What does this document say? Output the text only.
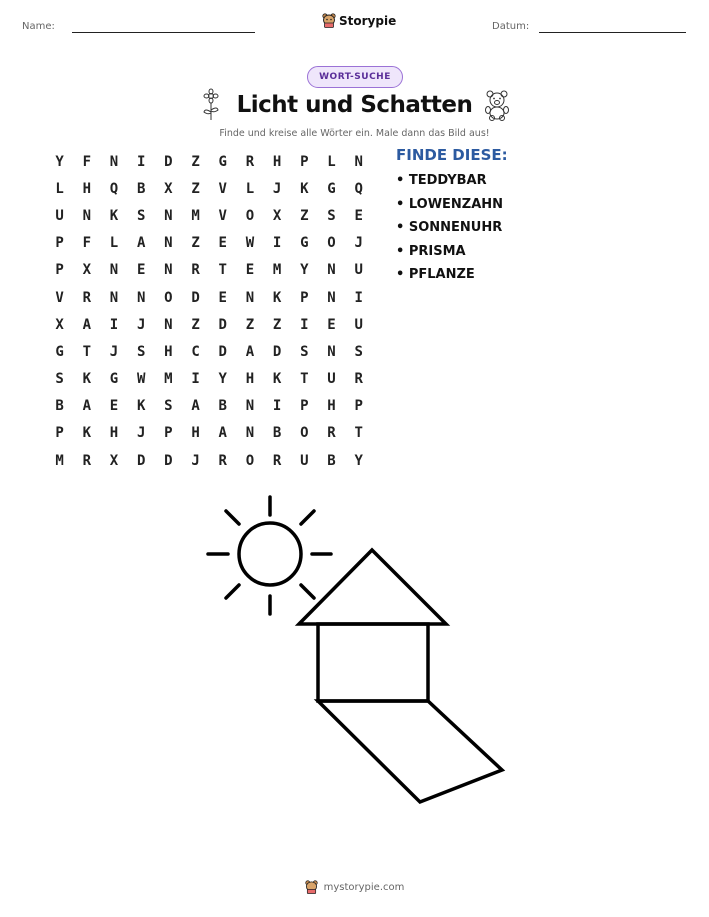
Name:	Storypie	Datum:
WORT-SUCHE
Licht und Schatten
Finde und kreise alle Wörter ein. Male dann das Bild aus!
Y	F	N	I	D	Z	G	R	H	P	L	N
L	H	Q	B	X	Z	V	L	J	K	G	Q
U	N	K	S	N	M	V	O	X	Z	S	E
P	F	L	A	N	Z	E	W	I	G	O	J
P	X	N	E	N	R	T	E	M	Y	N	U
V	R	N	N	O	D	E	N	K	P	N	I
X	A	I	J	N	Z	D	Z	Z	I	E	U
G	T	J	S	H	C	D	A	D	S	N	S
S	K	G	W	M	I	Y	H	K	T	U	R
B	A	E	K	S	A	B	N	I	P	H	P
P	K	H	J	P	H	A	N	B	O	R	T
M	R	X	D	D	J	R	O	R	U	B	Y
FINDE DIESE:
• TEDDYBAR
• LOWENZAHN
• SONNENUHR
• PRISMA
• PFLANZE
mystorypie.com
